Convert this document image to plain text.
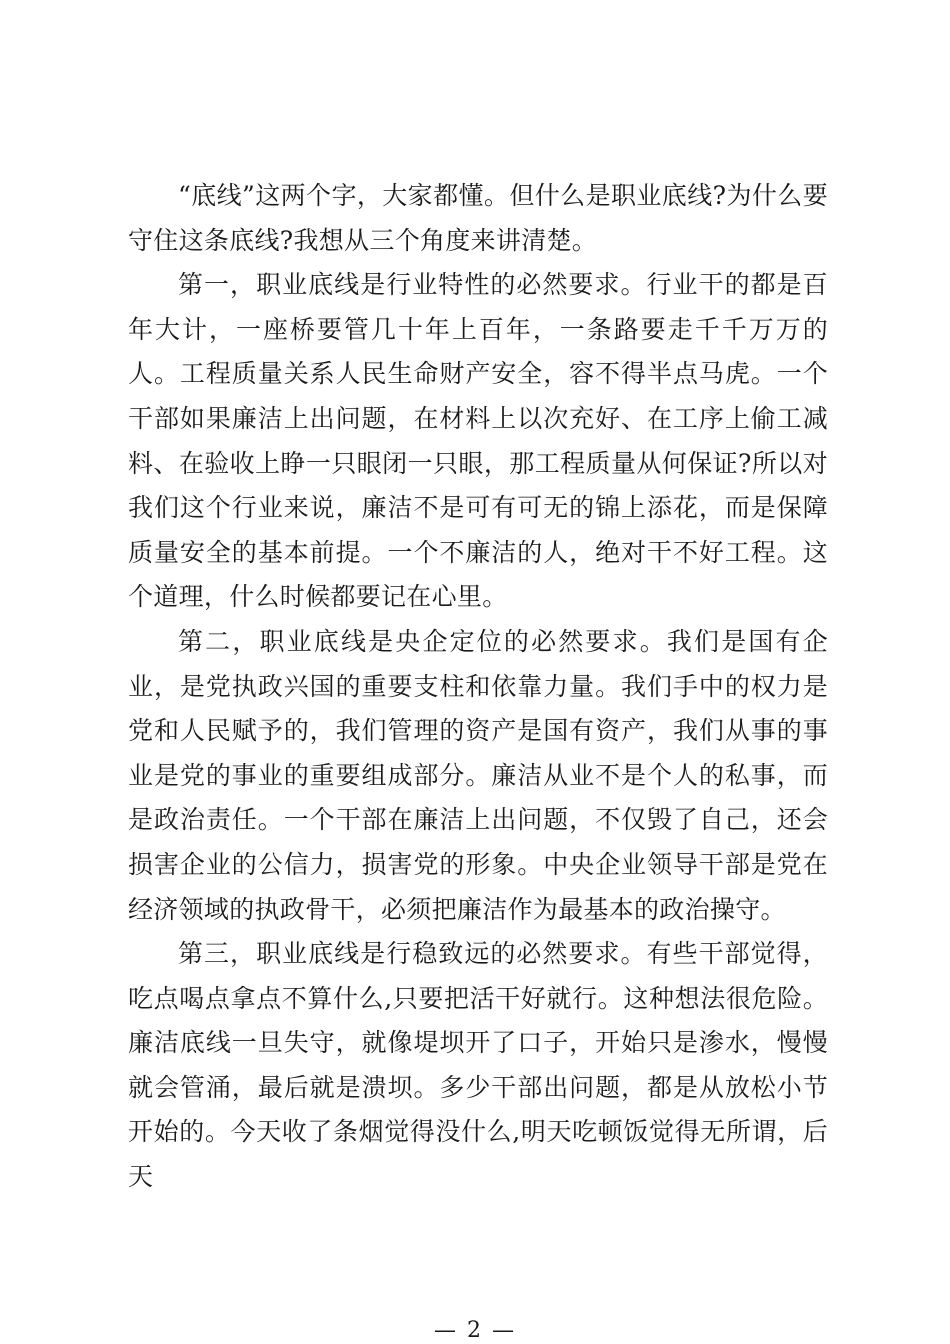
“底线”这两个字，大家都懂。但什么是职业底线?为什么要守住这条底线?我想从三个角度来讲清楚。

第一，职业底线是行业特性的必然要求。行业干的都是百年大计，一座桥要管几十年上百年，一条路要走千千万万的人。工程质量关系人民生命财产安全，容不得半点马虎。一个干部如果廉洁上出问题，在材料上以次充好、在工序上偷工减料、在验收上睁一只眼闭一只眼，那工程质量从何保证?所以对我们这个行业来说，廉洁不是可有可无的锦上添花，而是保障质量安全的基本前提。一个不廉洁的人，绝对干不好工程。这个道理，什么时候都要记在心里。

第二，职业底线是央企定位的必然要求。我们是国有企业，是党执政兴国的重要支柱和依靠力量。我们手中的权力是党和人民赋予的，我们管理的资产是国有资产，我们从事的事业是党的事业的重要组成部分。廉洁从业不是个人的私事，而是政治责任。一个干部在廉洁上出问题，不仅毁了自己，还会损害企业的公信力，损害党的形象。中央企业领导干部是党在经济领域的执政骨干，必须把廉洁作为最基本的政治操守。

第三，职业底线是行稳致远的必然要求。有些干部觉得，吃点喝点拿点不算什么,只要把活干好就行。这种想法很危险。廉洁底线一旦失守，就像堤坝开了口子，开始只是渗水，慢慢就会管涌，最后就是溃坝。多少干部出问题，都是从放松小节开始的。今天收了条烟觉得没什么,明天吃顿饭觉得无所谓，后天

— 2 —
